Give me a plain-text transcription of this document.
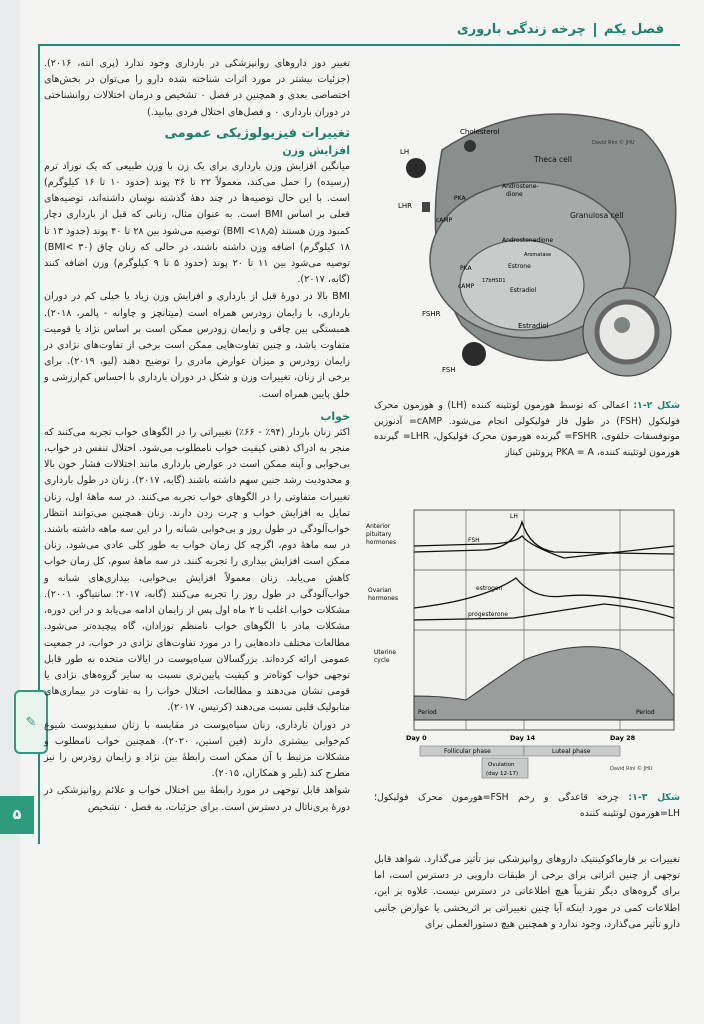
فصل یکمچرخه زندگی باروری
✎
۵

تغییر دوز داروهای روانپزشکی در بارداری وجود ندارد (پری انته، ۲۰۱۶). (جزئیات بیشتر در مورد اثرات شناخته شده دارو را می‌توان در بخش‌های اختصاصی بعدی و همچنین در فصل ۰ تشخیص و درمان اختلالات روانشناختی در دوران بارداری ۰ و فصل‌های اختلال فردی بیابید.)

تغییرات فیزیولوژیکی عمومی
افزایش وزن

میانگین افزایش وزن بارداری برای یک زن با وزن طبیعی که یک نوزاد ترم (رسیده) را حمل می‌کند، معمولاً ۲۲ تا ۳۶ پوند (حدود ۱۰ تا ۱۶ کیلوگرم) است. با این حال توصیه‌ها در چند دههٔ گذشته نوسان داشته‌اند، توصیه‌های فعلی بر اساس BMI است. به عنوان مثال، زنانی که قبل از بارداری دچار کمبود وزن هستند (BMI <۱۸٫۵) توصیه می‌شود بین ۲۸ تا ۴۰ پوند (حدود ۱۳ تا ۱۸ کیلوگرم) اضافه وزن داشته باشند، در حالی که زنان چاق (BMI< ۳۰) توصیه می‌شود بین ۱۱ تا ۲۰ پوند (حدود ۵ تا ۹ کیلوگرم) وزن اضافه کنند (گابه، ۲۰۱۷).

BMI بالا در دورهٔ قبل از بارداری و افزایش وزن زیاد یا خیلی کم در دوران بارداری، با زایمان زودرس همراه است (میتانچز و چاوانه - پالمر، ۲۰۱۸). همبستگی بین چاقی و زایمان زودرس ممکن است بر اساس نژاد یا قومیت متفاوت باشد، و چنین تفاوت‌هایی ممکن است برخی از تفاوت‌های نژادی در زایمان زودرس و میزان عوارض مادری را توضیح دهند (لیو، ۲۰۱۹). برای برخی از زنان، تغییرات وزن و شکل در دوران بارداری با احساس کم‌ارزشی و خلق پایین همراه است.

خواب

اکثر زنان باردار (۹۴٪ - ۶۶٪) تغییراتی را در الگوهای خواب تجربه می‌کنند که منجر به ادراک ذهنی کیفیت خواب نامطلوب می‌شود. اختلال تنفس در خواب، بی‌خوابی و آپنه ممکن است در عوارض بارداری مانند اختلالات فشار خون بالا و محدودیت رشد جنین سهم داشته باشند (گابه، ۲۰۱۷). زنان در طول بارداری تغییرات متفاوتی را در الگوهای خواب تجربه می‌کنند. در سه ماههٔ اول، زنان تمایل به افزایش خواب و چرت زدن دارند. زنان همچنین می‌توانند انتظار خواب‌آلودگی در طول روز و بی‌خوابی شبانه را در این سه ماهه داشته باشند. در سه ماههٔ دوم، اگرچه کل زمان خواب به طور کلی عادی می‌شود، زنان ممکن است افزایش بیداری را تجربه کنند. در سه ماههٔ سوم، کل زمان خواب کاهش می‌یابد. زنان معمولاً افزایش بی‌خوابی، بیداری‌های شبانه و خواب‌آلودگی در طول روز را تجربه می‌کنند (گابه، ۲۰۱۷؛ سانتیاگو، ۲۰۰۱). مشکلات خواب اغلب تا ۲ ماه اول پس از زایمان ادامه می‌یابد و در این دوره، مشکلات مادر با الگوهای خواب نامنظم نوزادان، گاه پیچیده‌تر می‌شود. مطالعات مختلف داده‌هایی را در مورد تفاوت‌های نژادی در خواب، در جمعیت عمومی ارائه کرده‌اند. بزرگسالان سیاه‌پوست در ایالات متحده به طور قابل توجهی خواب کوتاه‌تر و کیفیت پایین‌تری نسبت به سایر گروه‌های نژادی یا قومی نشان می‌دهند و مطالعات، اختلال خواب را به تفاوت در بیماری‌های متابولیک قلبی نسبت می‌دهند (کرتیس، ۲۰۱۷).

در دوران بارداری، زنان سیاه‌پوست در مقایسه با زنان سفیدپوست شیوع کم‌خوابی بیشتری دارند (فین استین، ۲۰۲۰). همچنین خواب نامطلوب و مشکلات مرتبط با آن ممکن است رابطهٔ بین نژاد و زایمان زودرس را نیز مطرح کند (بلیر و همکاران، ۲۰۱۵).

شواهد قابل توجهی در مورد رابطهٔ بین اختلال خواب و علائم روانپزشکی در دورهٔ پری‌ناتال در دسترس است. برای جزئیات، به فصل ۰ تشخیص

Cholesterol
LH
LHR
cAMP
PKA
Theca cell
Androstene-
dione
Granulosa cell
Androstenedione
Aromatase
Estrone
17bHSD1
Estradiol
PKA
cAMP
FSHR
Estradiol
FSH
David Rini © JHU
شکل ۲-۱: اعمالی که توسط هورمون لوتئینه کننده (LH) و هورمون محرک فولیکول (FSH) در طول فاز فولیکولی انجام می‌شود. cAMP= آدنوزین مونوفسفات حلقوی، FSHR= گیرنده هورمون محرک فولیکول، LHR= گیرنده هورمون لوتئینه کننده، PKA = A پروتئین کیناز
Anterior pituitary hormones
Ovarian hormones
Uterine cycle
LH
FSH
estrogen
progesterone
Period	Period
Day 0	Day 14	Day 28
Follicular phase	Luteal phase
Ovulation
(day 12-17)
David Rini © JHU
شکل ۳-۱: چرخه قاعدگی و رحم FSH=هورمون محرک فولیکول؛ LH=هورمون لوتئینه کننده

تغییرات بر فارماکوکینتیک داروهای روانپزشکی نیز تأثیر می‌گذارد. شواهد قابل توجهی از چنین اثراتی برای برخی از طبقات دارویی در دسترس است، اما برای گروه‌های دیگر تقریباً هیچ اطلاعاتی در دسترس نیست. علاوه بر این، اطلاعات کمی در مورد اینکه آیا چنین تغییراتی بر اثربخشی یا عوارض جانبی دارو تأثیر می‌گذارد، وجود ندارد و همچنین هیچ دستورالعملی برای
